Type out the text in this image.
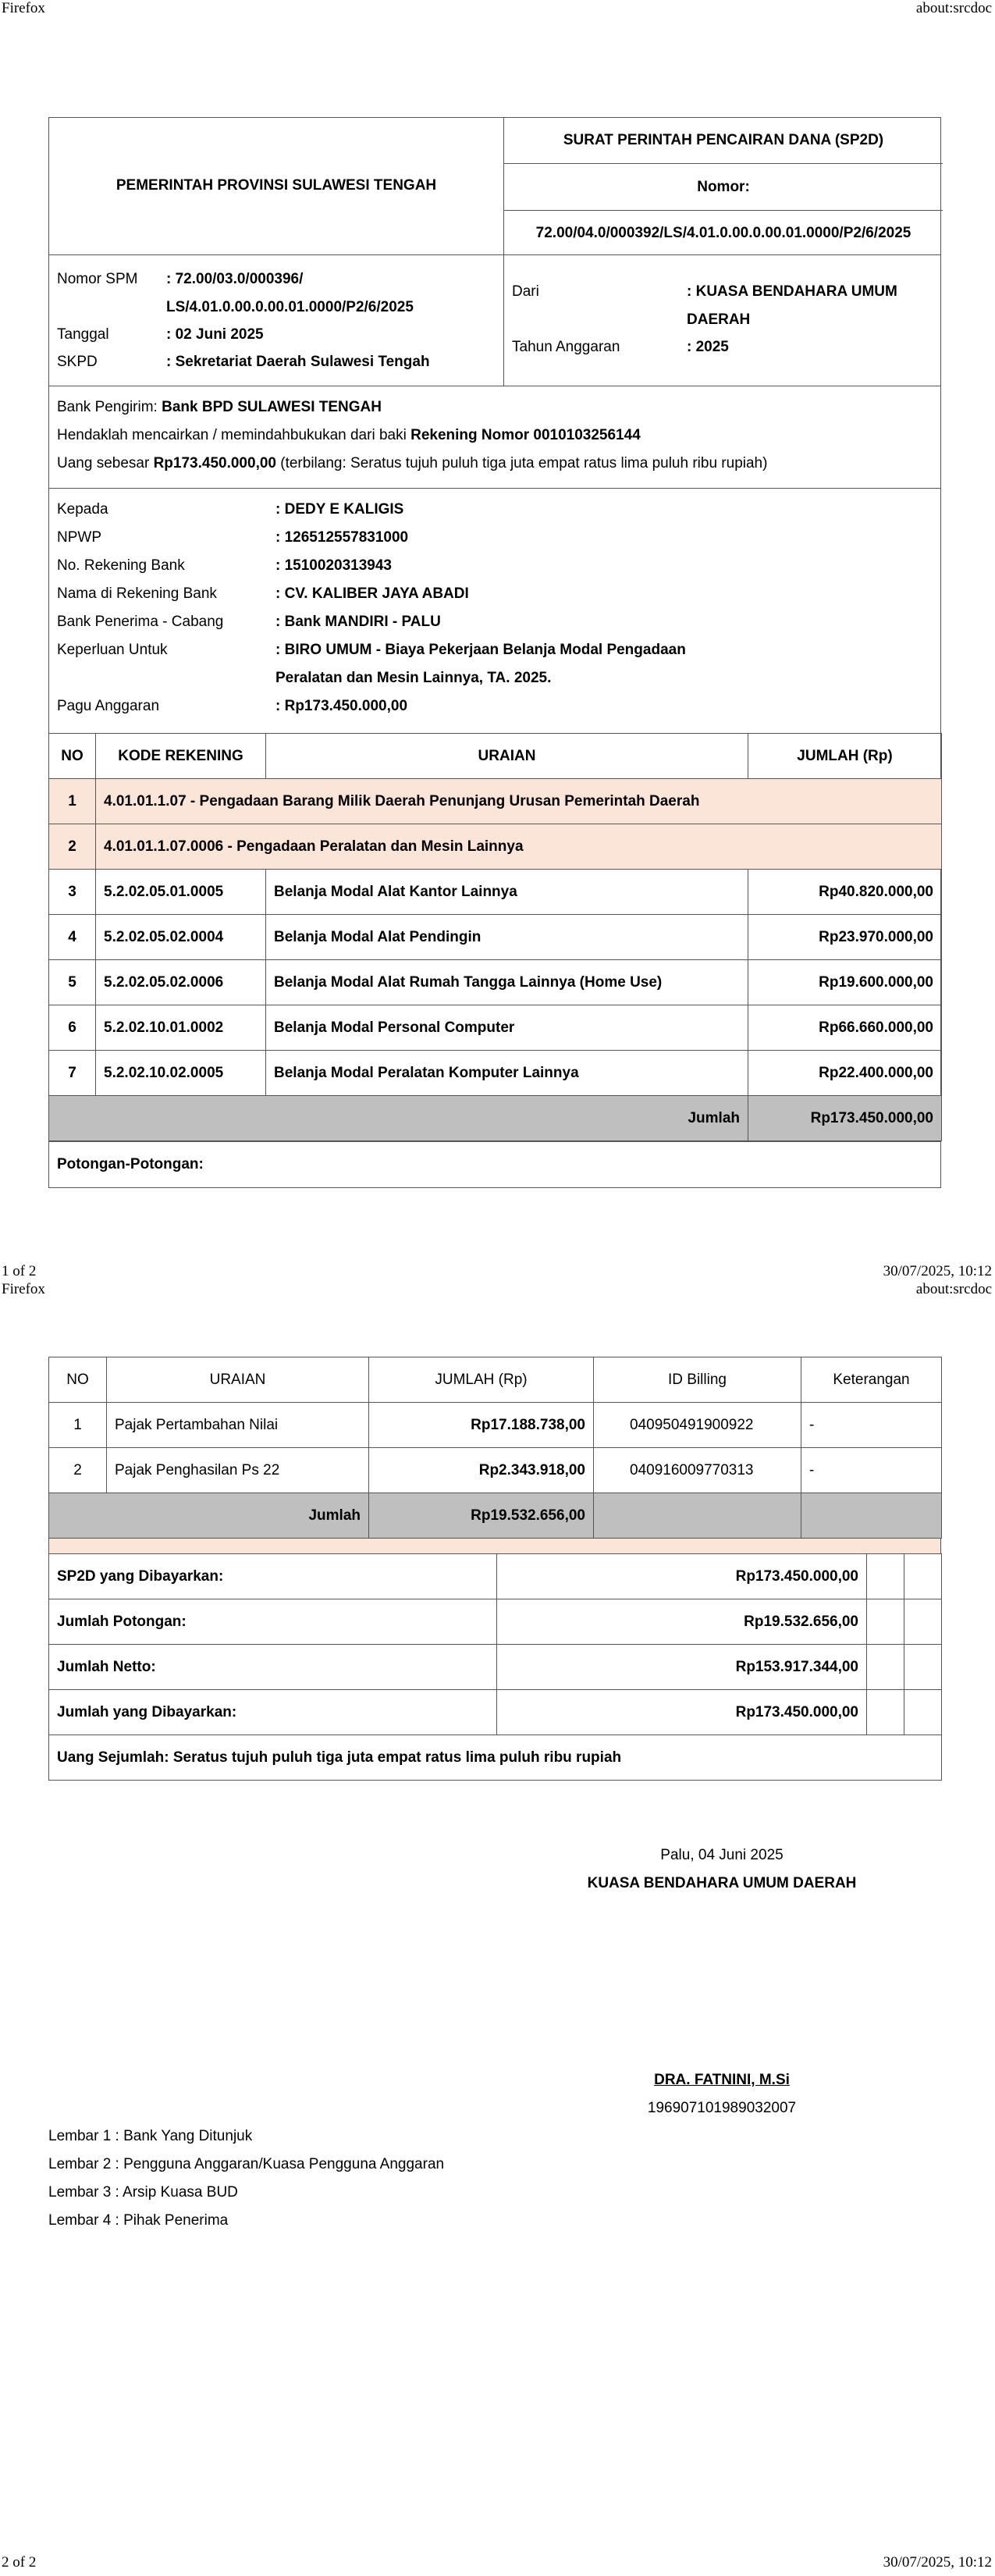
Firefox	about:srcdoc
PEMERINTAH PROVINSI SULAWESI TENGAH
SURAT PERINTAH PENCAIRAN DANA (SP2D)
Nomor:
72.00/04.0/000392/LS/4.01.0.00.0.00.01.0000/P2/6/2025
Nomor SPM : 72.00/03.0/000396/
LS/4.01.0.00.0.00.01.0000/P2/6/2025
Tanggal	: 02 Juni 2025
SKPD	: Sekretariat Daerah Sulawesi Tengah
Dari	: KUASA BENDAHARA UMUM
DAERAH
Tahun Anggaran	: 2025
Bank Pengirim: Bank BPD SULAWESI TENGAH
Hendaklah mencairkan / memindahbukukan dari baki Rekening Nomor 0010103256144
Uang sebesar Rp173.450.000,00 (terbilang: Seratus tujuh puluh tiga juta empat ratus lima puluh ribu rupiah)
Kepada	: DEDY E KALIGIS
NPWP	: 126512557831000
No. Rekening Bank	: 1510020313943
Nama di Rekening Bank	: CV. KALIBER JAYA ABADI
Bank Penerima - Cabang	: Bank MANDIRI - PALU
Keperluan Untuk	: BIRO UMUM - Biaya Pekerjaan Belanja Modal Pengadaan
Peralatan dan Mesin Lainnya, TA. 2025.
Pagu Anggaran	: Rp173.450.000,00
NO	KODE REKENING	URAIAN	JUMLAH (Rp)
1	4.01.01.1.07 - Pengadaan Barang Milik Daerah Penunjang Urusan Pemerintah Daerah		
2	4.01.01.1.07.0006 - Pengadaan Peralatan dan Mesin Lainnya		
3	5.2.02.05.01.0005	Belanja Modal Alat Kantor Lainnya	Rp40.820.000,00
4	5.2.02.05.02.0004	Belanja Modal Alat Pendingin	Rp23.970.000,00
5	5.2.02.05.02.0006	Belanja Modal Alat Rumah Tangga Lainnya (Home Use)	Rp19.600.000,00
6	5.2.02.10.01.0002	Belanja Modal Personal Computer	Rp66.660.000,00
7	5.2.02.10.02.0005	Belanja Modal Peralatan Komputer Lainnya	Rp22.400.000,00
Jumlah			Rp173.450.000,00
Potongan-Potongan:
1 of 2	30/07/2025, 10:12
Firefox	about:srcdoc
NO	URAIAN	JUMLAH (Rp)	ID Billing	Keterangan
1	Pajak Pertambahan Nilai	Rp17.188.738,00	040950491900922	-
2	Pajak Penghasilan Ps 22	Rp2.343.918,00	040916009770313	-
Jumlah		Rp19.532.656,00		
SP2D yang Dibayarkan:	Rp173.450.000,00		
Jumlah Potongan:	Rp19.532.656,00		
Jumlah Netto:	Rp153.917.344,00		
Jumlah yang Dibayarkan:	Rp173.450.000,00		
Uang Sejumlah: Seratus tujuh puluh tiga juta empat ratus lima puluh ribu rupiah			
Palu, 04 Juni 2025
KUASA BENDAHARA UMUM DAERAH
DRA. FATNINI, M.Si
196907101989032007
Lembar 1 : Bank Yang Ditunjuk
Lembar 2 : Pengguna Anggaran/Kuasa Pengguna Anggaran
Lembar 3 : Arsip Kuasa BUD
Lembar 4 : Pihak Penerima
2 of 2	30/07/2025, 10:12
